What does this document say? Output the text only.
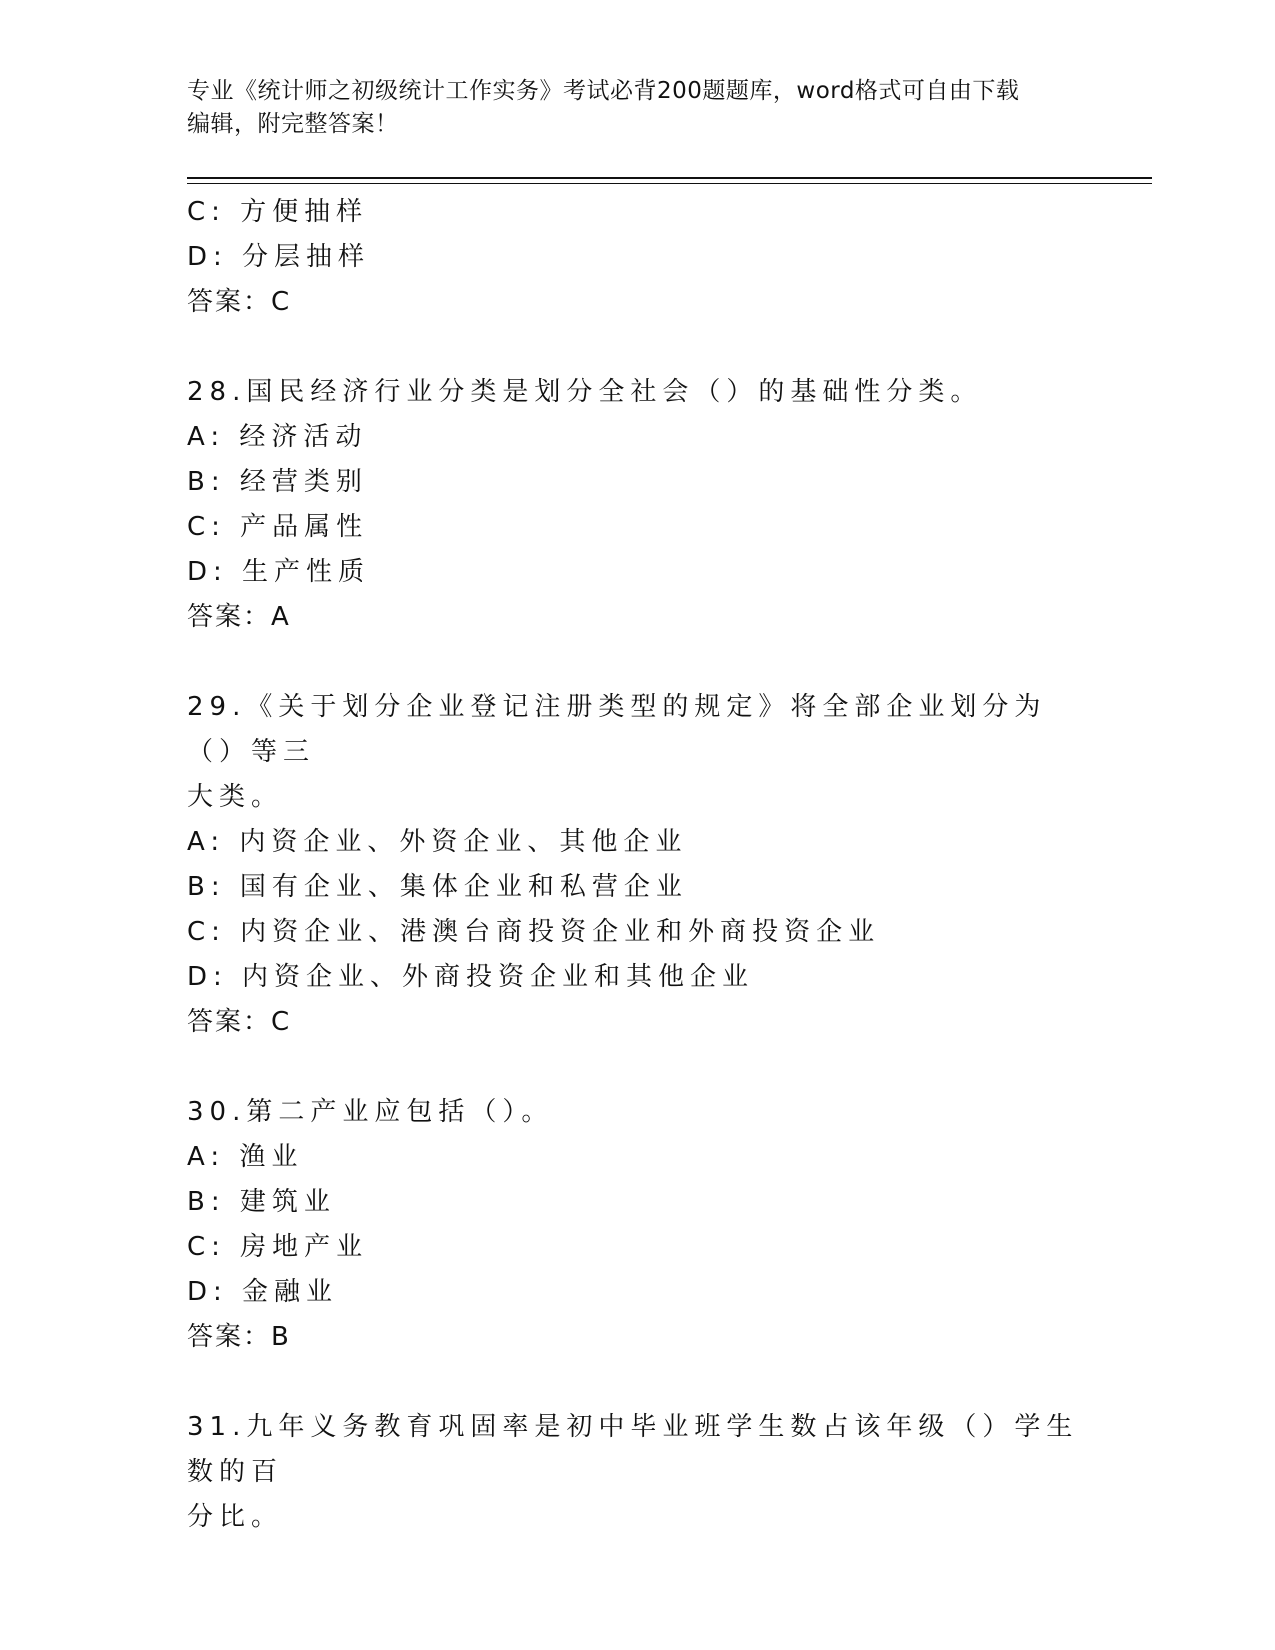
专业《统计师之初级统计工作实务》考试必背200题题库，word格式可自由下载
编辑，附完整答案！
C: 方便抽样
D: 分层抽样
答案：C
28.国民经济行业分类是划分全社会（）的基础性分类。
A: 经济活动
B: 经营类别
C: 产品属性
D: 生产性质
答案：A
29.《关于划分企业登记注册类型的规定》将全部企业划分为（）等三
大类。
A: 内资企业、外资企业、其他企业
B: 国有企业、集体企业和私营企业
C: 内资企业、港澳台商投资企业和外商投资企业
D: 内资企业、外商投资企业和其他企业
答案：C
30.第二产业应包括（）。
A: 渔业
B: 建筑业
C: 房地产业
D: 金融业
答案：B
31.九年义务教育巩固率是初中毕业班学生数占该年级（）学生数的百
分比。
